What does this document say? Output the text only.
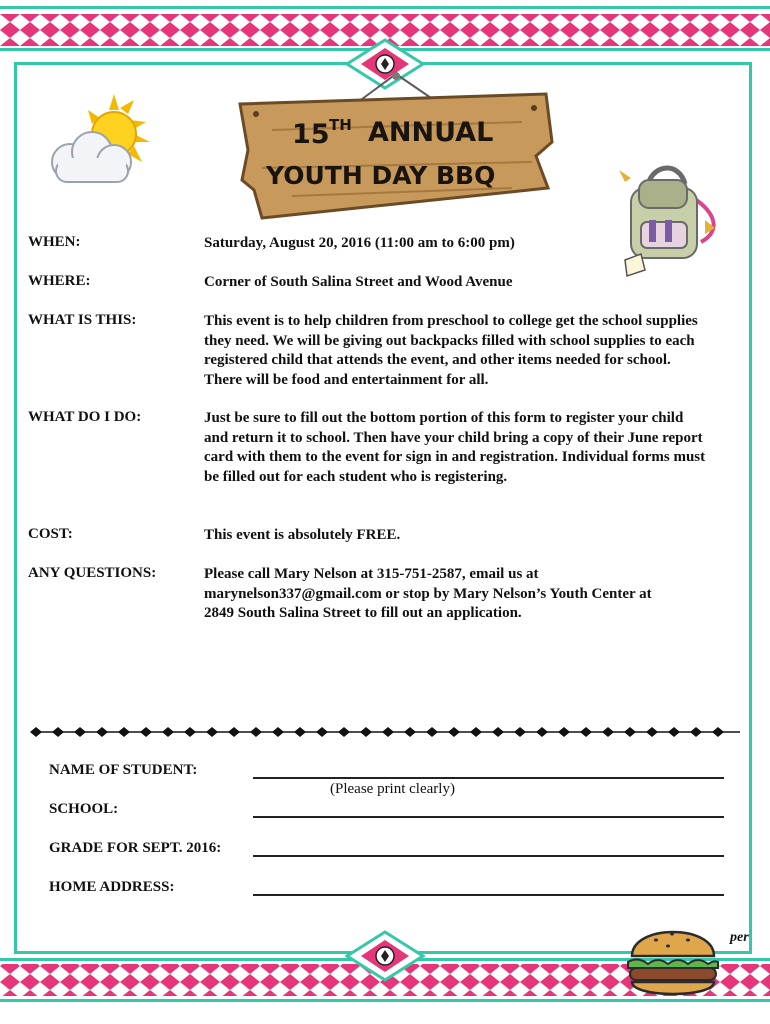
15 TH ANNUAL
YOUTH DAY BBQ
WHEN:	Saturday, August 20, 2016 (11:00 am to 6:00 pm)
WHERE:	Corner of South Salina Street and Wood Avenue
WHAT IS THIS:	This event is to help children from preschool to college get the school supplies
they need. We will be giving out backpacks filled with school supplies to each
registered child that attends the event, and other items needed for school.
There will be food and entertainment for all.
WHAT DO I DO:	Just be sure to fill out the bottom portion of this form to register your child
and return it to school. Then have your child bring a copy of their June report
card with them to the event for sign in and registration. Individual forms must
be filled out for each student who is registering.
COST:	This event is absolutely FREE.
ANY QUESTIONS:	Please call Mary Nelson at 315-751-2587, email us at
marynelson337@gmail.com or stop by Mary Nelson’s Youth Center at
2849 South Salina Street to fill out an application.
NAME OF STUDENT:
(Please print clearly)
SCHOOL:
GRADE FOR SEPT. 2016:
HOME ADDRESS:
per
